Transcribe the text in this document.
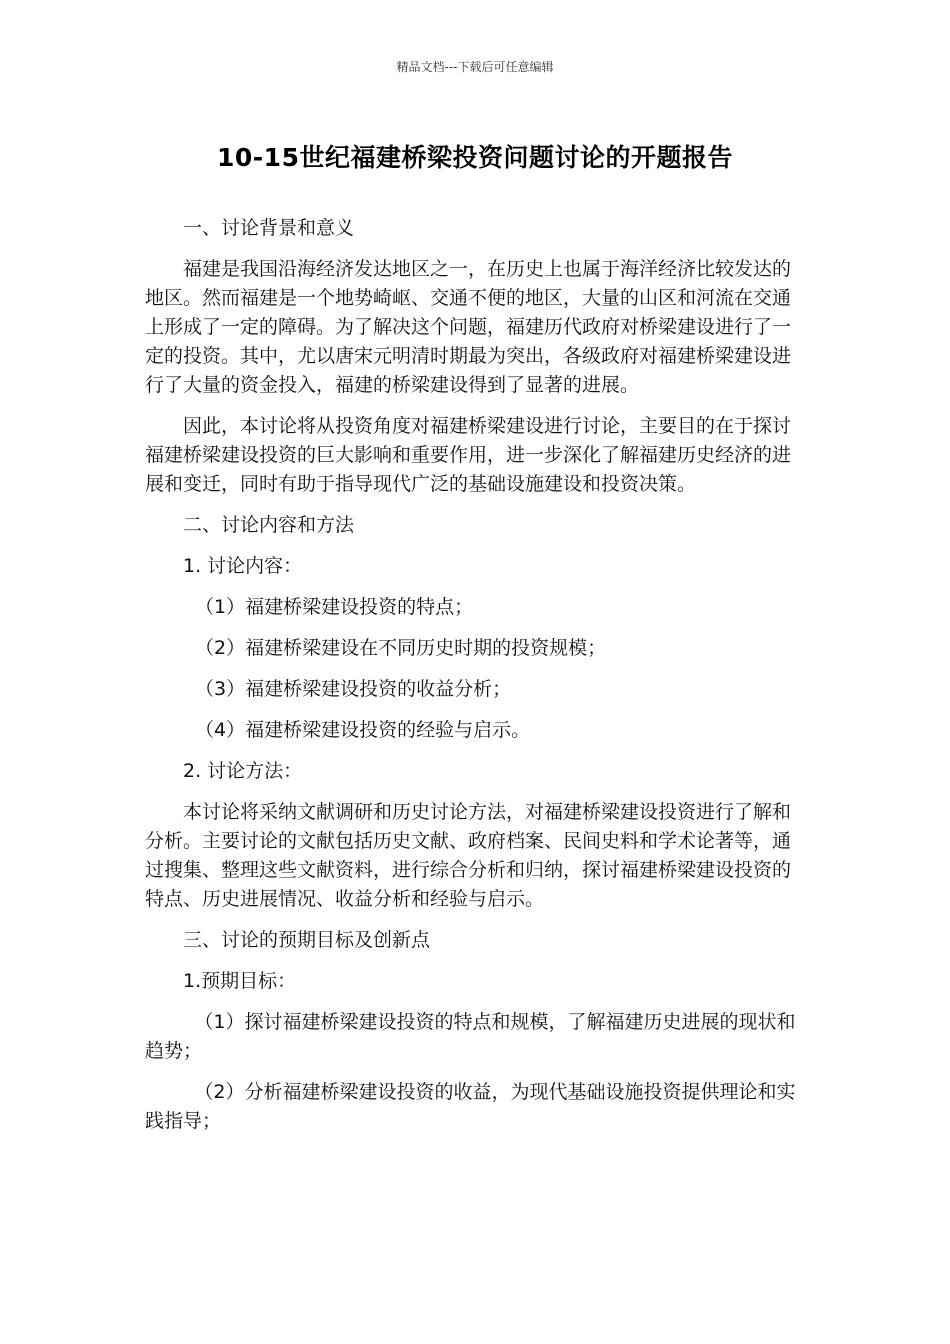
精品文档---下载后可任意编辑
10-15世纪福建桥梁投资问题讨论的开题报告

一、讨论背景和意义

福建是我国沿海经济发达地区之一，在历史上也属于海洋经济比较发达的地区。然而福建是一个地势崎岖、交通不便的地区，大量的山区和河流在交通上形成了一定的障碍。为了解决这个问题，福建历代政府对桥梁建设进行了一定的投资。其中，尤以唐宋元明清时期最为突出，各级政府对福建桥梁建设进行了大量的资金投入，福建的桥梁建设得到了显著的进展。

因此，本讨论将从投资角度对福建桥梁建设进行讨论，主要目的在于探讨福建桥梁建设投资的巨大影响和重要作用，进一步深化了解福建历史经济的进展和变迁，同时有助于指导现代广泛的基础设施建设和投资决策。

二、讨论内容和方法

1. 讨论内容：

（1）福建桥梁建设投资的特点；

（2）福建桥梁建设在不同历史时期的投资规模；

（3）福建桥梁建设投资的收益分析；

（4）福建桥梁建设投资的经验与启示。

2. 讨论方法：

本讨论将采纳文献调研和历史讨论方法，对福建桥梁建设投资进行了解和分析。主要讨论的文献包括历史文献、政府档案、民间史料和学术论著等，通过搜集、整理这些文献资料，进行综合分析和归纳，探讨福建桥梁建设投资的特点、历史进展情况、收益分析和经验与启示。

三、讨论的预期目标及创新点

1.预期目标：

（1）探讨福建桥梁建设投资的特点和规模，了解福建历史进展的现状和趋势；

（2）分析福建桥梁建设投资的收益，为现代基础设施投资提供理论和实践指导；
